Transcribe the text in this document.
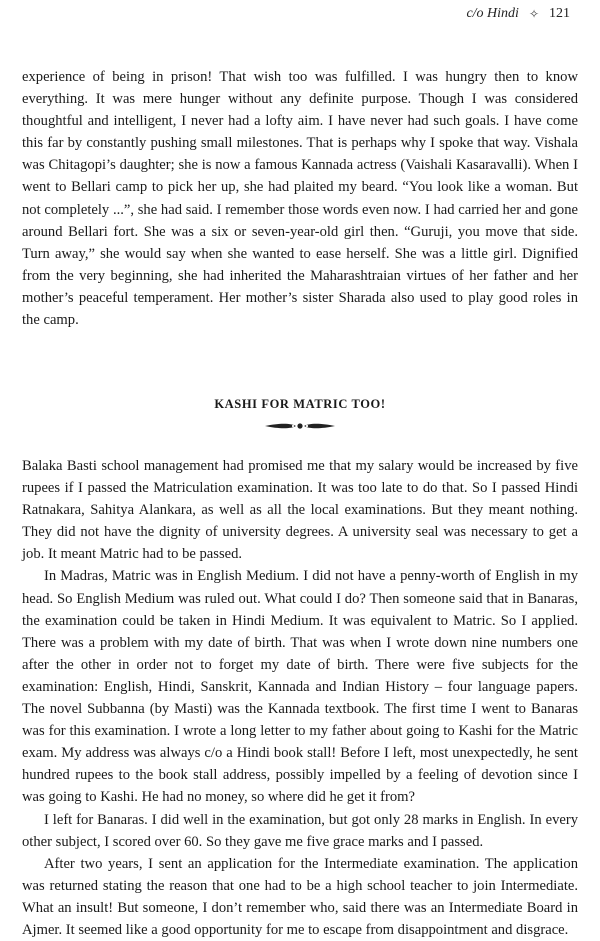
c/o Hindi ✧ 121

experience of being in prison! That wish too was fulfilled. I was hungry then to know everything. It was mere hunger without any definite purpose. Though I was considered thoughtful and intelligent, I never had a lofty aim. I have never had such goals. I have come this far by constantly pushing small milestones. That is perhaps why I spoke that way. Vishala was Chitagopi’s daughter; she is now a famous Kannada actress (Vaishali Kasaravalli). When I went to Bellari camp to pick her up, she had plaited my beard. “You look like a woman. But not completely ...”, she had said. I remember those words even now. I had carried her and gone around Bellari fort. She was a six or seven-year-old girl then. “Guruji, you move that side. Turn away,” she would say when she wanted to ease herself. She was a little girl. Dignified from the very beginning, she had inherited the Maharashtraian virtues of her father and her mother’s peaceful temperament. Her mother’s sister Sharada also used to play good roles in the camp.

KASHI FOR MATRIC TOO!

Balaka Basti school management had promised me that my salary would be increased by five rupees if I passed the Matriculation examination. It was too late to do that. So I passed Hindi Ratnakara, Sahitya Alankara, as well as all the local examinations. But they meant nothing. They did not have the dignity of university degrees. A university seal was necessary to get a job. It meant Matric had to be passed.

In Madras, Matric was in English Medium. I did not have a penny-worth of English in my head. So English Medium was ruled out. What could I do? Then someone said that in Banaras, the examination could be taken in Hindi Medium. It was equivalent to Matric. So I applied. There was a problem with my date of birth. That was when I wrote down nine numbers one after the other in order not to forget my date of birth. There were five subjects for the examination: English, Hindi, Sanskrit, Kannada and Indian History – four language papers. The novel Subbanna (by Masti) was the Kannada textbook. The first time I went to Banaras was for this examination. I wrote a long letter to my father about going to Kashi for the Matric exam. My address was always c/o a Hindi book stall! Before I left, most unexpectedly, he sent hundred rupees to the book stall address, possibly impelled by a feeling of devotion since I was going to Kashi. He had no money, so where did he get it from?

I left for Banaras. I did well in the examination, but got only 28 marks in English. In every other subject, I scored over 60. So they gave me five grace marks and I passed.

After two years, I sent an application for the Intermediate examination. The application was returned stating the reason that one had to be a high school teacher to join Intermediate. What an insult! But someone, I don’t remember who, said there was an Intermediate Board in Ajmer. It seemed like a good opportunity for me to escape from disappointment and disgrace.
